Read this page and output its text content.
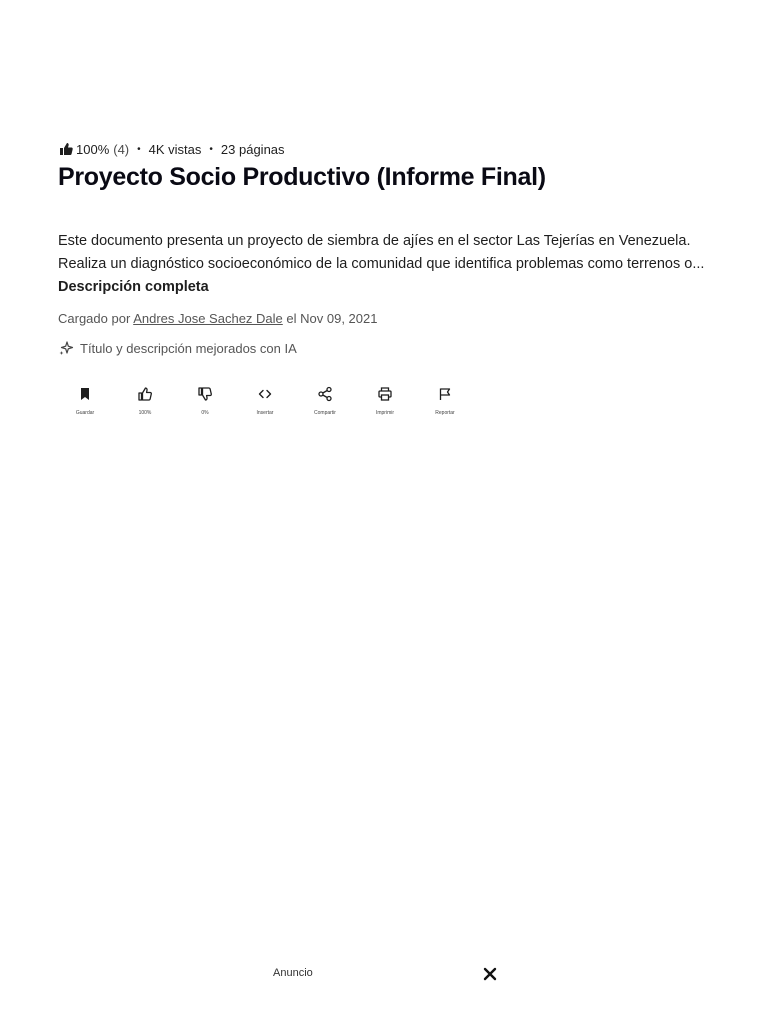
100% (4) • 4K vistas • 23 páginas
Proyecto Socio Productivo (Informe Final)

Este documento presenta un proyecto de siembra de ajíes en el sector Las Tejerías en Venezuela. Realiza un diagnóstico socioeconómico de la comunidad que identifica problemas como terrenos o... Descripción completa

Cargado por Andres Jose Sachez Dale el Nov 09, 2021
Título y descripción mejorados con IA
Guardar	100%	0%	Insertar	Compartir	Imprimir	Reportar
Anuncio
